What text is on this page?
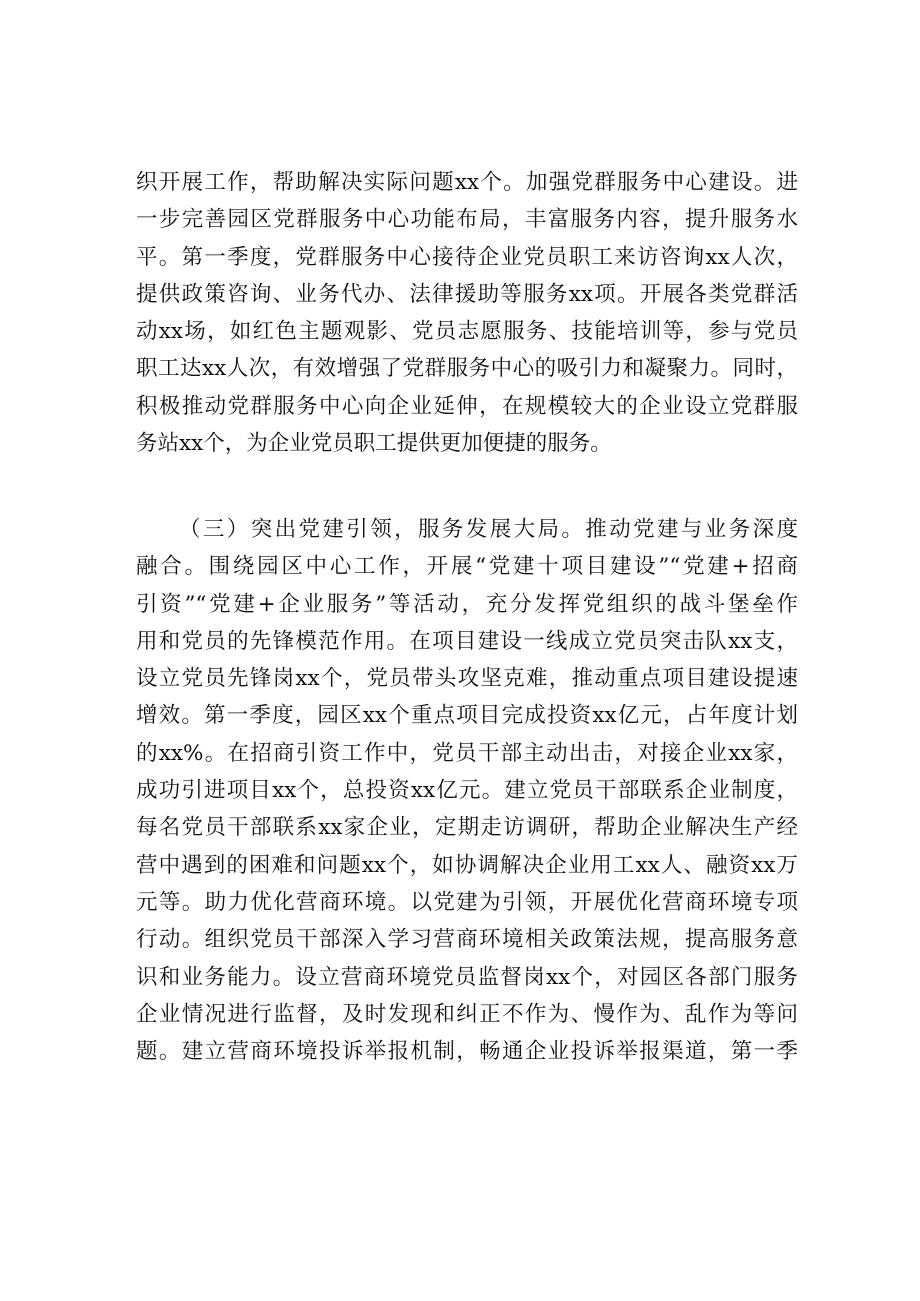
织开展工作，帮助解决实际问题xx个。加强党群服务中心建设。进
一步完善园区党群服务中心功能布局，丰富服务内容，提升服务水
平。第一季度，党群服务中心接待企业党员职工来访咨询xx人次，
提供政策咨询、业务代办、法律援助等服务xx项。开展各类党群活
动xx场，如红色主题观影、党员志愿服务、技能培训等，参与党员
职工达xx人次，有效增强了党群服务中心的吸引力和凝聚力。同时，
积极推动党群服务中心向企业延伸，在规模较大的企业设立党群服
务站xx个，为企业党员职工提供更加便捷的服务。
（三）突出党建引领，服务发展大局。推动党建与业务深度
融合。围绕园区中心工作，开展“党建十项目建设”“党建+招商
引资”“党建+企业服务”等活动，充分发挥党组织的战斗堡垒作
用和党员的先锋模范作用。在项目建设一线成立党员突击队xx支，
设立党员先锋岗xx个，党员带头攻坚克难，推动重点项目建设提速
增效。第一季度，园区xx个重点项目完成投资xx亿元，占年度计划
的xx%。在招商引资工作中，党员干部主动出击，对接企业xx家，
成功引进项目xx个，总投资xx亿元。建立党员干部联系企业制度，
每名党员干部联系xx家企业，定期走访调研，帮助企业解决生产经
营中遇到的困难和问题xx个，如协调解决企业用工xx人、融资xx万
元等。助力优化营商环境。以党建为引领，开展优化营商环境专项
行动。组织党员干部深入学习营商环境相关政策法规，提高服务意
识和业务能力。设立营商环境党员监督岗xx个，对园区各部门服务
企业情况进行监督，及时发现和纠正不作为、慢作为、乱作为等问
题。建立营商环境投诉举报机制，畅通企业投诉举报渠道，第一季
